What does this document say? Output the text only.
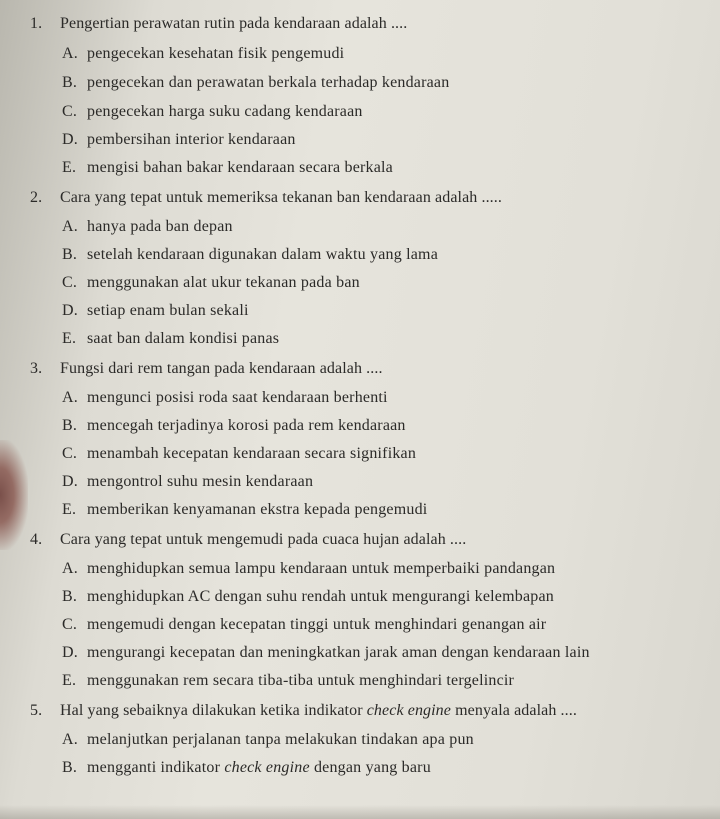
1. Pengertian perawatan rutin pada kendaraan adalah ....
A. pengecekan kesehatan fisik pengemudi
B. pengecekan dan perawatan berkala terhadap kendaraan
C. pengecekan harga suku cadang kendaraan
D. pembersihan interior kendaraan
E. mengisi bahan bakar kendaraan secara berkala
2. Cara yang tepat untuk memeriksa tekanan ban kendaraan adalah .....
A. hanya pada ban depan
B. setelah kendaraan digunakan dalam waktu yang lama
C. menggunakan alat ukur tekanan pada ban
D. setiap enam bulan sekali
E. saat ban dalam kondisi panas
3. Fungsi dari rem tangan pada kendaraan adalah ....
A. mengunci posisi roda saat kendaraan berhenti
B. mencegah terjadinya korosi pada rem kendaraan
C. menambah kecepatan kendaraan secara signifikan
D. mengontrol suhu mesin kendaraan
E. memberikan kenyamanan ekstra kepada pengemudi
4. Cara yang tepat untuk mengemudi pada cuaca hujan adalah ....
A. menghidupkan semua lampu kendaraan untuk memperbaiki pandangan
B. menghidupkan AC dengan suhu rendah untuk mengurangi kelembapan
C. mengemudi dengan kecepatan tinggi untuk menghindari genangan air
D. mengurangi kecepatan dan meningkatkan jarak aman dengan kendaraan lain
E. menggunakan rem secara tiba-tiba untuk menghindari tergelincir
5. Hal yang sebaiknya dilakukan ketika indikator check engine menyala adalah ....
A. melanjutkan perjalanan tanpa melakukan tindakan apa pun
B. mengganti indikator check engine dengan yang baru
